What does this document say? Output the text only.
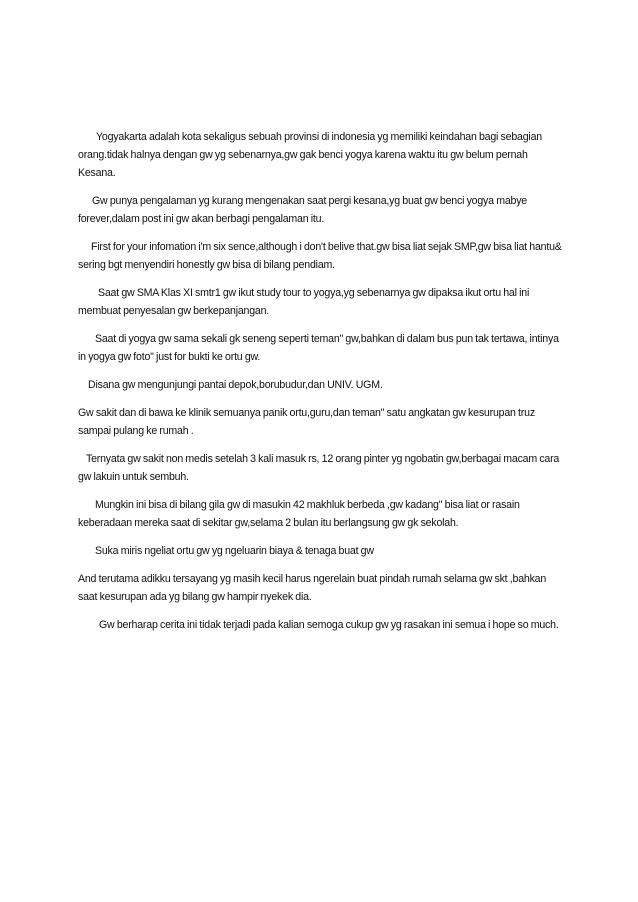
Yogyakarta adalah kota sekaligus sebuah provinsi di indonesia yg memiliki keindahan bagi sebagian orang.tidak halnya dengan gw yg sebenarnya,gw gak benci yogya karena waktu itu gw belum pernah Kesana.

Gw punya pengalaman yg kurang mengenakan saat pergi kesana,yg buat gw benci yogya mabye forever,dalam post ini gw akan berbagi pengalaman itu.

First for your infomation i'm six sence,although i don't belive that.gw bisa liat sejak SMP,gw bisa liat hantu& sering bgt menyendiri honestly gw bisa di bilang pendiam.

Saat gw SMA Klas XI smtr1 gw ikut study tour to yogya,yg sebenarnya gw dipaksa ikut ortu hal ini membuat penyesalan gw berkepanjangan.

Saat di yogya gw sama sekali gk seneng seperti teman" gw,bahkan di dalam bus pun tak tertawa, intinya in yogya gw foto" just for bukti ke ortu gw.

Disana gw mengunjungi pantai depok,borubudur,dan UNIV. UGM.

Gw sakit dan di bawa ke klinik semuanya panik ortu,guru,dan teman" satu angkatan gw kesurupan truz sampai pulang ke rumah .

Ternyata gw sakit non medis setelah 3 kali masuk rs, 12 orang pinter yg ngobatin gw,berbagai macam cara gw lakuin untuk sembuh.

Mungkin ini bisa di bilang gila gw di masukin 42 makhluk berbeda ,gw kadang" bisa liat or rasain keberadaan mereka saat di sekitar gw,selama 2 bulan itu berlangsung gw gk sekolah.

Suka miris ngeliat ortu gw yg ngeluarin biaya & tenaga buat gw

And terutama adikku tersayang yg masih kecil harus ngerelain buat pindah rumah selama gw skt ,bahkan saat kesurupan ada yg bilang gw hampir nyekek dia.

Gw berharap cerita ini tidak terjadi pada kalian semoga cukup gw yg rasakan ini semua i hope so much.
